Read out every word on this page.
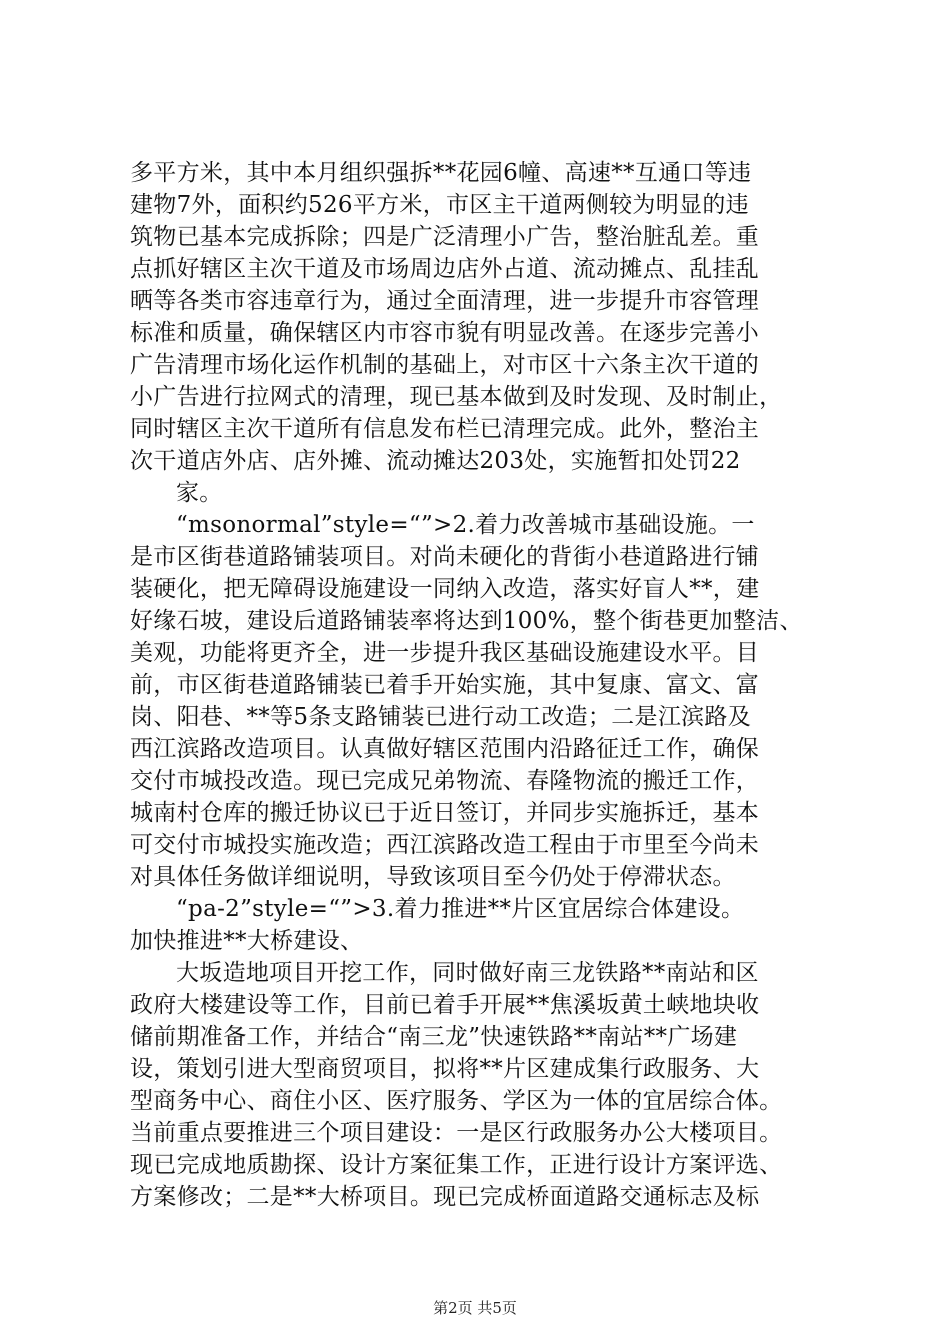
多平方米，其中本月组织强拆**花园6幢、高速**互通口等违
建物7外，面积约526平方米，市区主干道两侧较为明显的违
筑物已基本完成拆除；四是广泛清理小广告，整治脏乱差。重
点抓好辖区主次干道及市场周边店外占道、流动摊点、乱挂乱
晒等各类市容违章行为，通过全面清理，进一步提升市容管理
标准和质量，确保辖区内市容市貌有明显改善。在逐步完善小
广告清理市场化运作机制的基础上，对市区十六条主次干道的
小广告进行拉网式的清理，现已基本做到及时发现、及时制止，
同时辖区主次干道所有信息发布栏已清理完成。此外，整治主
次干道店外店、店外摊、流动摊达203处，实施暂扣处罚22
家。
“msonormal”style=“”>2.着力改善城市基础设施。一
是市区街巷道路铺装项目。对尚未硬化的背街小巷道路进行铺
装硬化，把无障碍设施建设一同纳入改造，落实好盲人**，建
好缘石坡，建设后道路铺装率将达到100%，整个街巷更加整洁、
美观，功能将更齐全，进一步提升我区基础设施建设水平。目
前，市区街巷道路铺装已着手开始实施，其中复康、富文、富
岗、阳巷、**等5条支路铺装已进行动工改造；二是江滨路及
西江滨路改造项目。认真做好辖区范围内沿路征迁工作，确保
交付市城投改造。现已完成兄弟物流、春隆物流的搬迁工作，
城南村仓库的搬迁协议已于近日签订，并同步实施拆迁，基本
可交付市城投实施改造；西江滨路改造工程由于市里至今尚未
对具体任务做详细说明，导致该项目至今仍处于停滞状态。
“pa-2”style=“”>3.着力推进**片区宜居综合体建设。
加快推进**大桥建设、
大坂造地项目开挖工作，同时做好南三龙铁路**南站和区
政府大楼建设等工作，目前已着手开展**焦溪坂黄土峡地块收
储前期准备工作，并结合“南三龙”快速铁路**南站**广场建
设，策划引进大型商贸项目，拟将**片区建成集行政服务、大
型商务中心、商住小区、医疗服务、学区为一体的宜居综合体。
当前重点要推进三个项目建设：一是区行政服务办公大楼项目。
现已完成地质勘探、设计方案征集工作，正进行设计方案评选、
方案修改；二是**大桥项目。现已完成桥面道路交通标志及标
第2页 共5页
